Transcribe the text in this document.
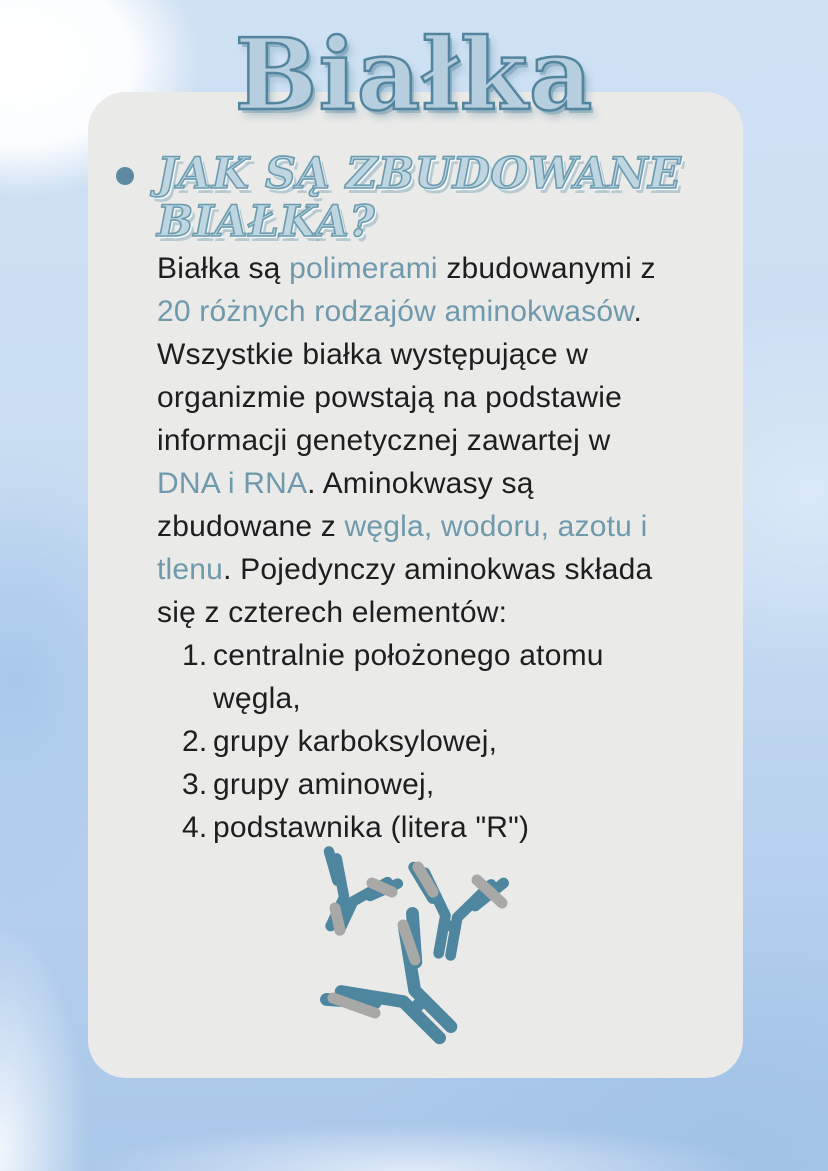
Białka
JAK SĄ ZBUDOWANE
BIAŁKA?
Białka są polimerami zbudowanymi z
20 różnych rodzajów aminokwasów.
Wszystkie białka występujące w
organizmie powstają na podstawie
informacji genetycznej zawartej w
DNA i RNA. Aminokwasy są
zbudowane z węgla, wodoru, azotu i
tlenu. Pojedynczy aminokwas składa
się z czterech elementów:
centralnie położonego atomu
węgla,
grupy karboksylowej,
grupy aminowej,
podstawnika (litera "R")
